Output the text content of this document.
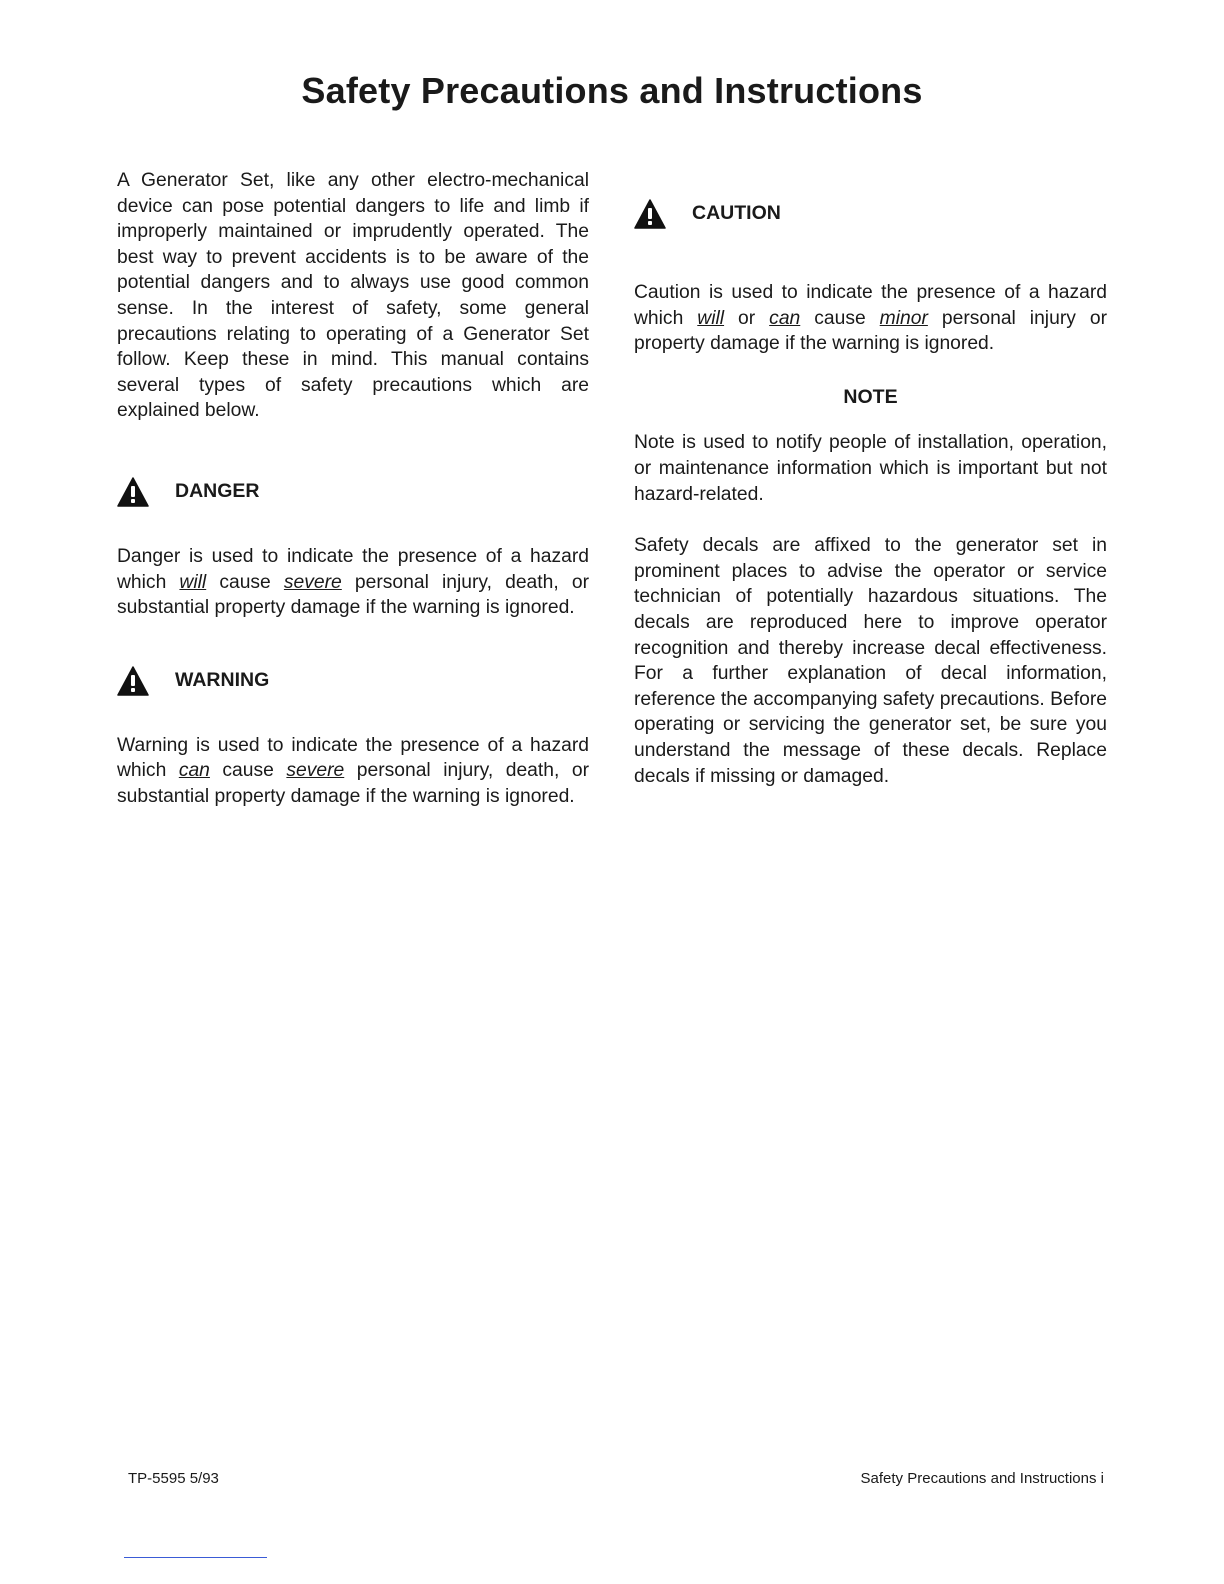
Safety Precautions and Instructions

A Generator Set, like any other electro-mechanical device can pose potential dangers to life and limb if improperly maintained or imprudently operated. The best way to prevent accidents is to be aware of the potential dangers and to always use good common sense. In the interest of safety, some general precautions relating to operating of a Generator Set follow. Keep these in mind. This manual contains several types of safety precautions which are explained below.

DANGER

Danger is used to indicate the presence of a hazard which will cause severe personal injury, death, or substantial property damage if the warning is ignored.

WARNING

Warning is used to indicate the presence of a hazard which can cause severe personal injury, death, or substantial property damage if the warning is ignored.

CAUTION

Caution is used to indicate the presence of a hazard which will or can cause minor personal injury or property damage if the warning is ignored.

NOTE

Note is used to notify people of installation, operation, or maintenance information which is important but not hazard-related.

Safety decals are affixed to the generator set in prominent places to advise the operator or service technician of potentially hazardous situations. The decals are reproduced here to improve operator recognition and thereby increase decal effectiveness. For a further explanation of decal information, reference the accompanying safety precautions. Before operating or servicing the generator set, be sure you understand the message of these decals. Replace decals if missing or damaged.

TP-5595 5/93	Safety Precautions and Instructions i
